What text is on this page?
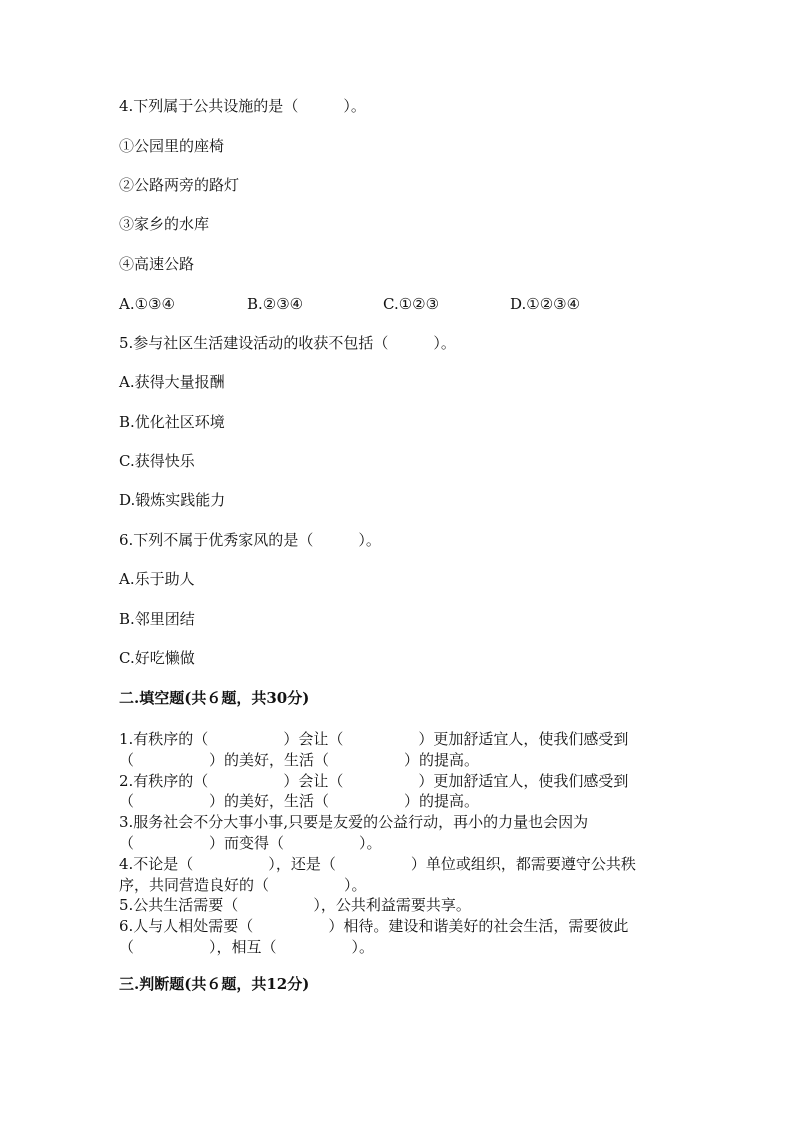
4.下列属于公共设施的是（　　　）。
①公园里的座椅
②公路两旁的路灯
③家乡的水库
④高速公路
A.①③④	B.②③④	C.①②③	D.①②③④
5.参与社区生活建设活动的收获不包括（　　　）。
A.获得大量报酬
B.优化社区环境
C.获得快乐
D.锻炼实践能力
6.下列不属于优秀家风的是（　　　）。
A.乐于助人
B.邻里团结
C.好吃懒做
二.填空题(共６题，共30分)
1.有秩序的（　　　　　）会让（　　　　　）更加舒适宜人，使我们感受到
（　　　　　）的美好，生活（　　　　　）的提高。
2.有秩序的（　　　　　）会让（　　　　　）更加舒适宜人，使我们感受到
（　　　　　）的美好，生活（　　　　　）的提高。
3.服务社会不分大事小事,只要是友爱的公益行动，再小的力量也会因为
（　　　　　）而变得（　　　　　）。
4.不论是（　　　　　），还是（　　　　　）单位或组织，都需要遵守公共秩
序，共同营造良好的（　　　　　）。
5.公共生活需要（　　　　　），公共利益需要共享。
6.人与人相处需要（　　　　　）相待。建设和谐美好的社会生活，需要彼此
（　　　　　），相互（　　　　　）。
三.判断题(共６题，共12分)
